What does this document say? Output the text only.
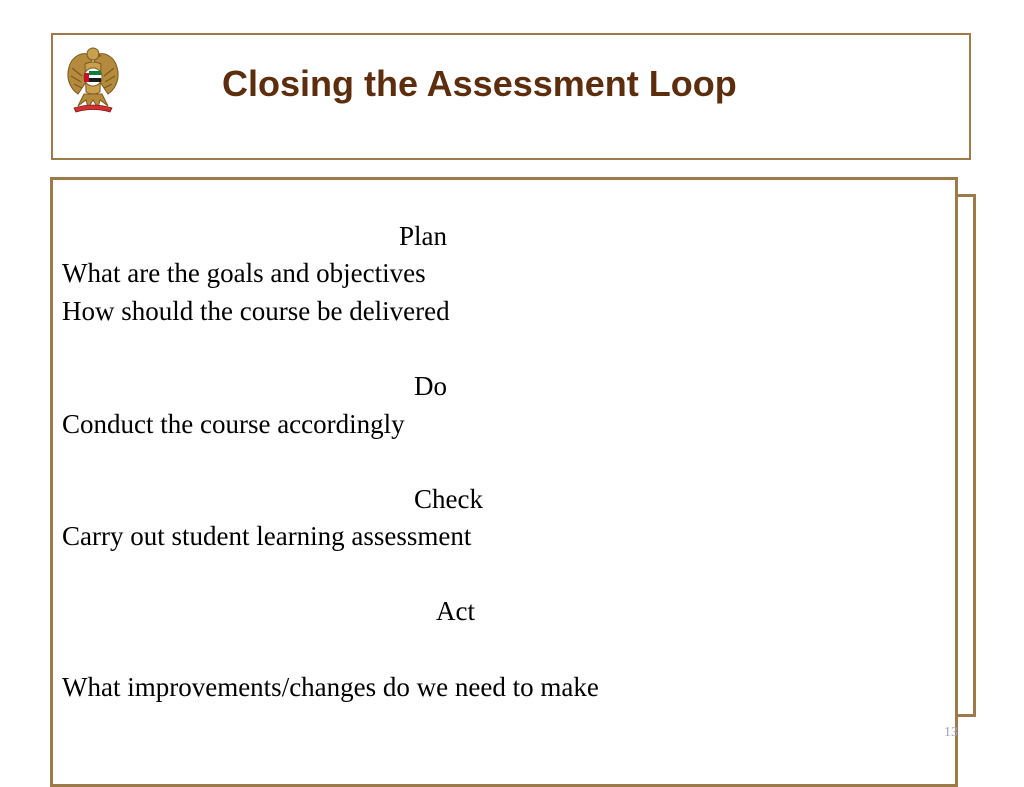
Closing the Assessment Loop

Plan

What are the goals and objectives

How should the course be delivered

Do

Conduct the course accordingly

Check

Carry out student learning assessment

Act

What improvements/changes do we need to make

13
